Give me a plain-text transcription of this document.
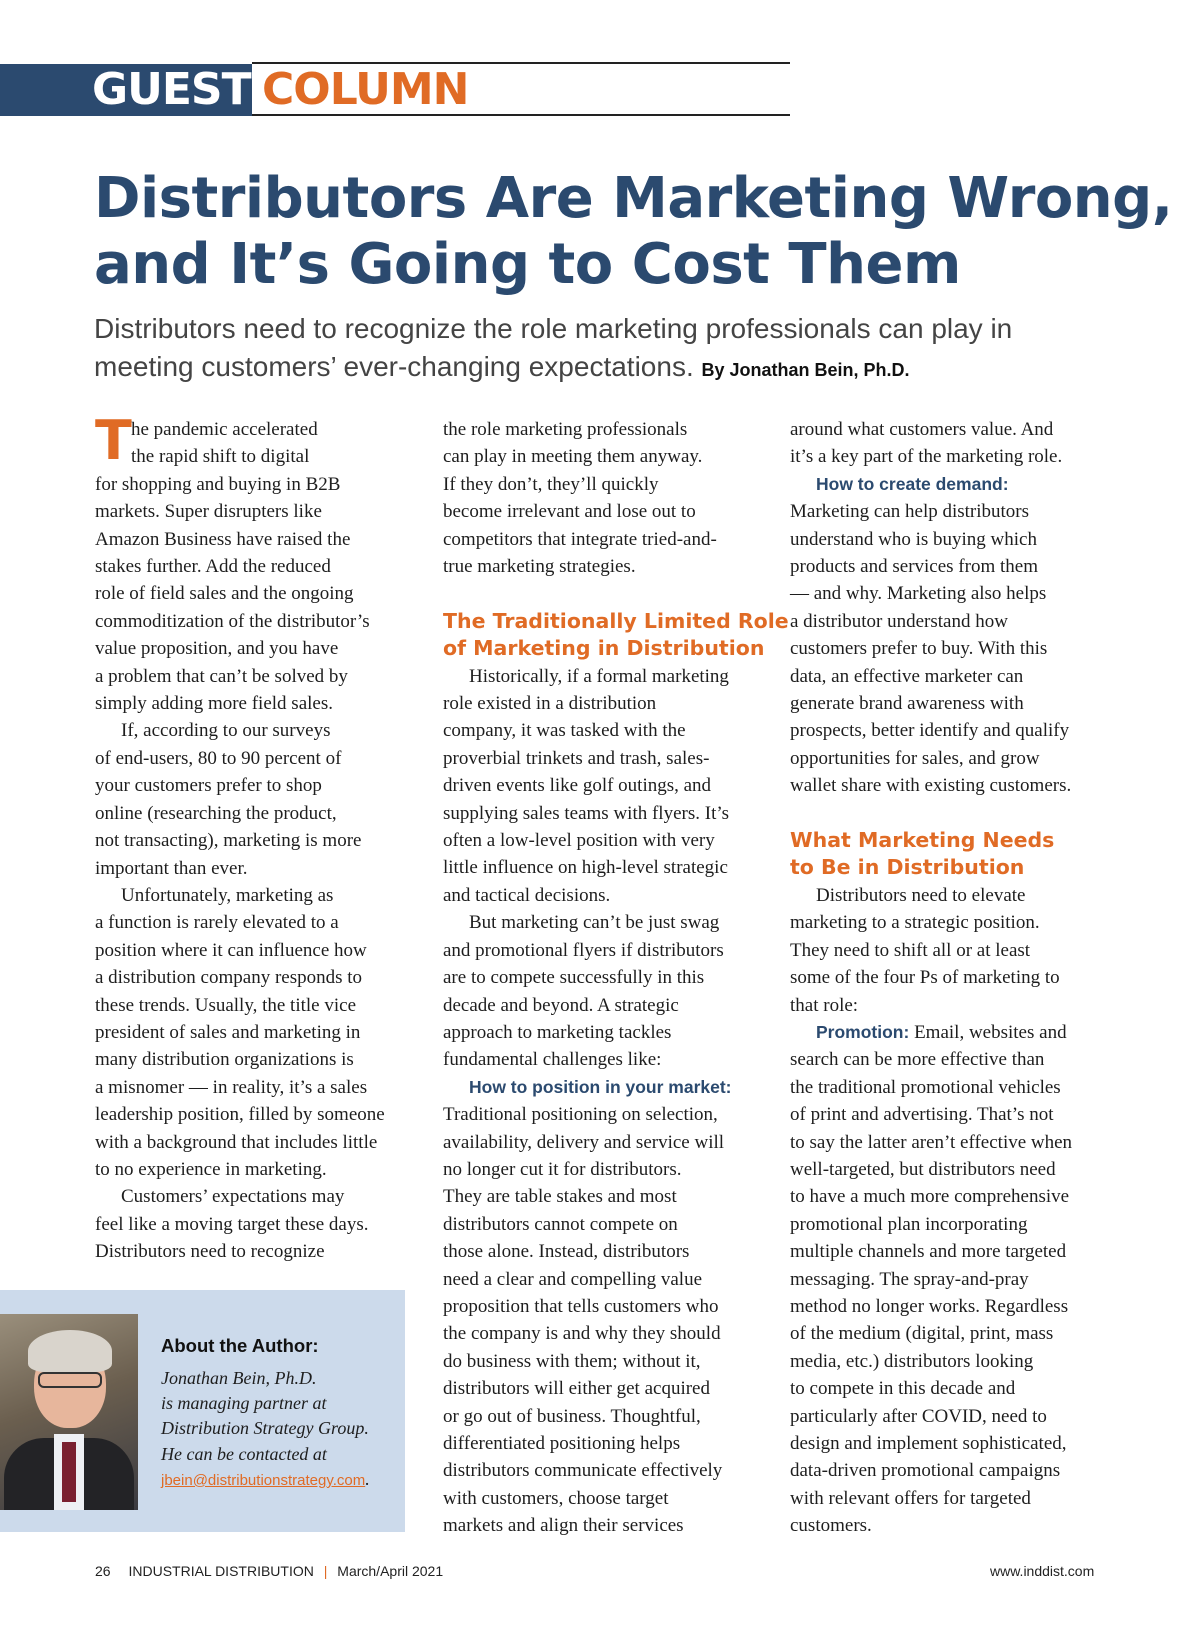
GUEST COLUMN
Distributors Are Marketing Wrong,
and It’s Going to Cost Them
Distributors need to recognize the role marketing professionals can play in
meeting customers’ ever-changing expectations. By Jonathan Bein, Ph.D.
T he pandemic accelerated
the rapid shift to digital
for shopping and buying in B2B
markets. Super disrupters like
Amazon Business have raised the
stakes further. Add the reduced
role of field sales and the ongoing
commoditization of the distributor’s
value proposition, and you have
a problem that can’t be solved by
simply adding more field sales.
If, according to our surveys
of end-users, 80 to 90 percent of
your customers prefer to shop
online (researching the product,
not transacting), marketing is more
important than ever.
Unfortunately, marketing as
a function is rarely elevated to a
position where it can influence how
a distribution company responds to
these trends. Usually, the title vice
president of sales and marketing in
many distribution organizations is
a misnomer — in reality, it’s a sales
leadership position, filled by someone
with a background that includes little
to no experience in marketing.
Customers’ expectations may
feel like a moving target these days.
Distributors need to recognize
the role marketing professionals
can play in meeting them anyway.
If they don’t, they’ll quickly
become irrelevant and lose out to
competitors that integrate tried-and-
true marketing strategies.
The Traditionally Limited Role
of Marketing in Distribution
Historically, if a formal marketing
role existed in a distribution
company, it was tasked with the
proverbial trinkets and trash, sales-
driven events like golf outings, and
supplying sales teams with flyers. It’s
often a low-level position with very
little influence on high-level strategic
and tactical decisions.
But marketing can’t be just swag
and promotional flyers if distributors
are to compete successfully in this
decade and beyond. A strategic
approach to marketing tackles
fundamental challenges like:
How to position in your market:
Traditional positioning on selection,
availability, delivery and service will
no longer cut it for distributors.
They are table stakes and most
distributors cannot compete on
those alone. Instead, distributors
need a clear and compelling value
proposition that tells customers who
the company is and why they should
do business with them; without it,
distributors will either get acquired
or go out of business. Thoughtful,
differentiated positioning helps
distributors communicate effectively
with customers, choose target
markets and align their services
around what customers value. And
it’s a key part of the marketing role.
How to create demand:
Marketing can help distributors
understand who is buying which
products and services from them
— and why. Marketing also helps
a distributor understand how
customers prefer to buy. With this
data, an effective marketer can
generate brand awareness with
prospects, better identify and qualify
opportunities for sales, and grow
wallet share with existing customers.
What Marketing Needs
to Be in Distribution
Distributors need to elevate
marketing to a strategic position.
They need to shift all or at least
some of the four Ps of marketing to
that role:
Promotion: Email, websites and
search can be more effective than
the traditional promotional vehicles
of print and advertising. That’s not
to say the latter aren’t effective when
well-targeted, but distributors need
to have a much more comprehensive
promotional plan incorporating
multiple channels and more targeted
messaging. The spray-and-pray
method no longer works. Regardless
of the medium (digital, print, mass
media, etc.) distributors looking
to compete in this decade and
particularly after COVID, need to
design and implement sophisticated,
data-driven promotional campaigns
with relevant offers for targeted
customers.
About the Author:
Jonathan Bein, Ph.D.
is managing partner at
Distribution Strategy Group.
He can be contacted at
jbein@distributionstrategy.com.
26 INDUSTRIAL DISTRIBUTION | March/April 2021	www.inddist.com
